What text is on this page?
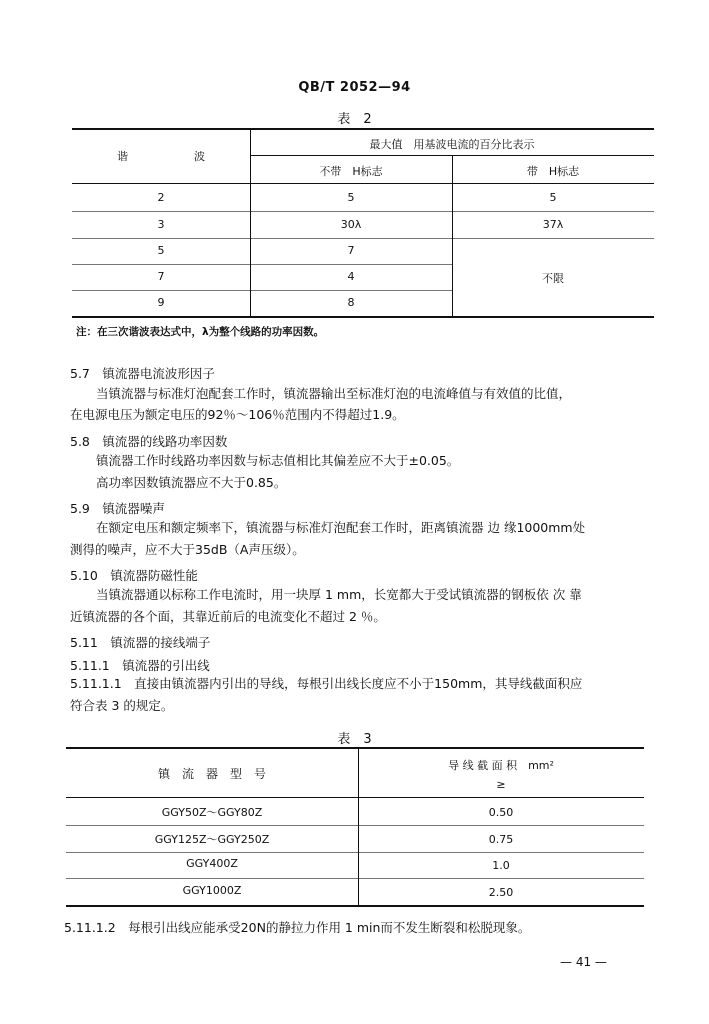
QB/T 2052—94
表　2
谐　　　　　　波
最大值　用基波电流的百分比表示
不带　H标志	带　H标志
2	5	5
3	30λ	37λ
5	7
7	4	不限
9	8
注：在三次谐波表达式中，λ为整个线路的功率因数。
5.7　镇流器电流波形因子
当镇流器与标准灯泡配套工作时，镇流器输出至标准灯泡的电流峰值与有效值的比值，
在电源电压为额定电压的92％～106％范围内不得超过1.9。
5.8　镇流器的线路功率因数
镇流器工作时线路功率因数与标志值相比其偏差应不大于±0.05。
高功率因数镇流器应不大于0.85。
5.9　镇流器噪声
在额定电压和额定频率下，镇流器与标准灯泡配套工作时，距离镇流器 边 缘1000mm处
测得的噪声，应不大于35dB（A声压级）。
5.10　镇流器防磁性能
当镇流器通以标称工作电流时，用一块厚 1 mm，长宽都大于受试镇流器的钢板依 次 靠
近镇流器的各个面，其靠近前后的电流变化不超过 2 ％。
5.11　镇流器的接线端子
5.11.1　镇流器的引出线
5.11.1.1　直接由镇流器内引出的导线，每根引出线长度应不小于150mm，其导线截面积应
符合表 3 的规定。
表　3
镇　流　器　型　号
导 线 截 面 积　mm²
≥
GGY50Z～GGY80Z	0.50
GGY125Z～GGY250Z	0.75
GGY400Z	1.0
GGY1000Z	2.50
5.11.1.2　每根引出线应能承受20N的静拉力作用 1 min而不发生断裂和松脱现象。
— 41 —
